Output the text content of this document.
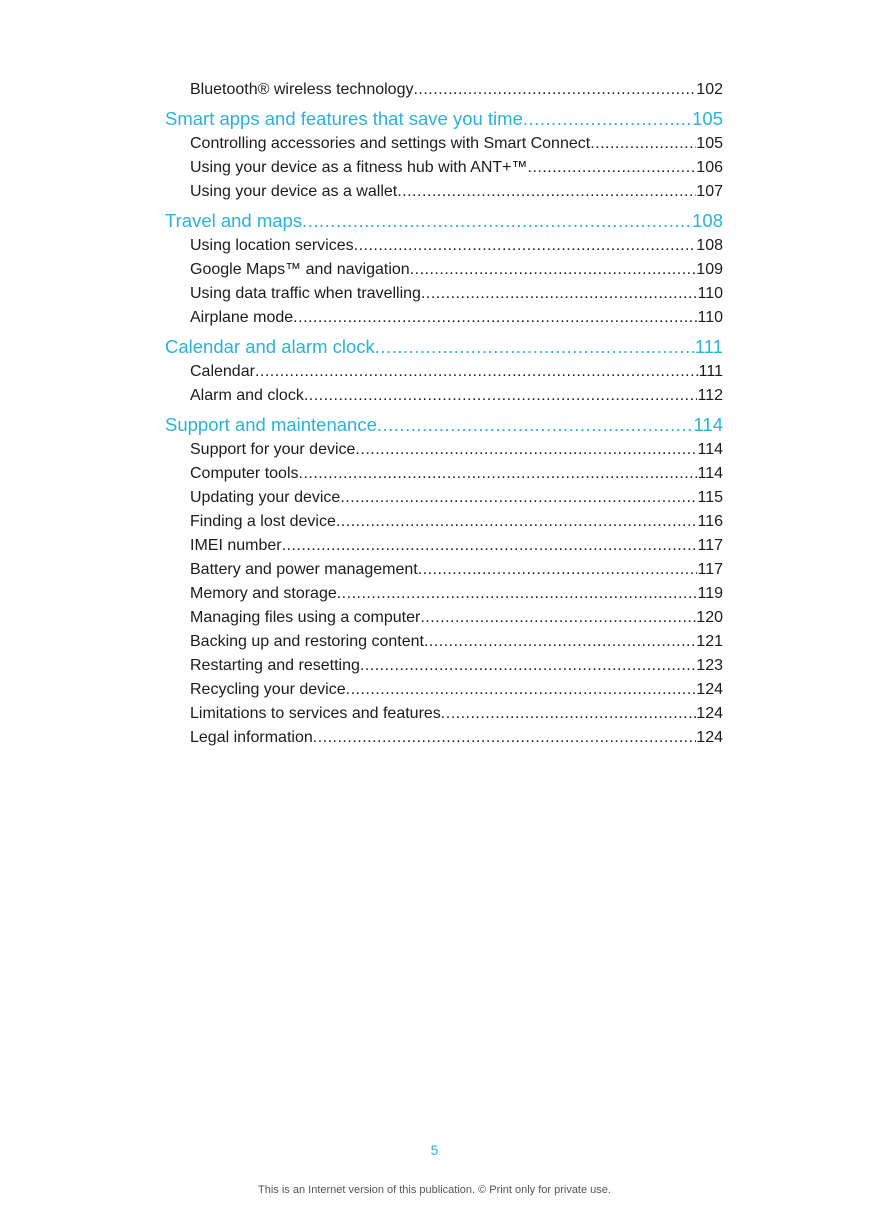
Bluetooth® wireless technology .....	102
Smart apps and features that save you time .....	105
Controlling accessories and settings with Smart Connect .....	105
Using your device as a fitness hub with ANT+™ .....	106
Using your device as a wallet .....	107
Travel and maps .....	108
Using location services .....	108
Google Maps™ and navigation .....	109
Using data traffic when travelling .....	110
Airplane mode .....	110
Calendar and alarm clock .....	111
Calendar .....	111
Alarm and clock .....	112
Support and maintenance .....	114
Support for your device .....	114
Computer tools .....	114
Updating your device .....	115
Finding a lost device .....	116
IMEI number .....	117
Battery and power management .....	117
Memory and storage .....	119
Managing files using a computer .....	120
Backing up and restoring content .....	121
Restarting and resetting .....	123
Recycling your device .....	124
Limitations to services and features .....	124
Legal information .....	124
5
This is an Internet version of this publication. © Print only for private use.
